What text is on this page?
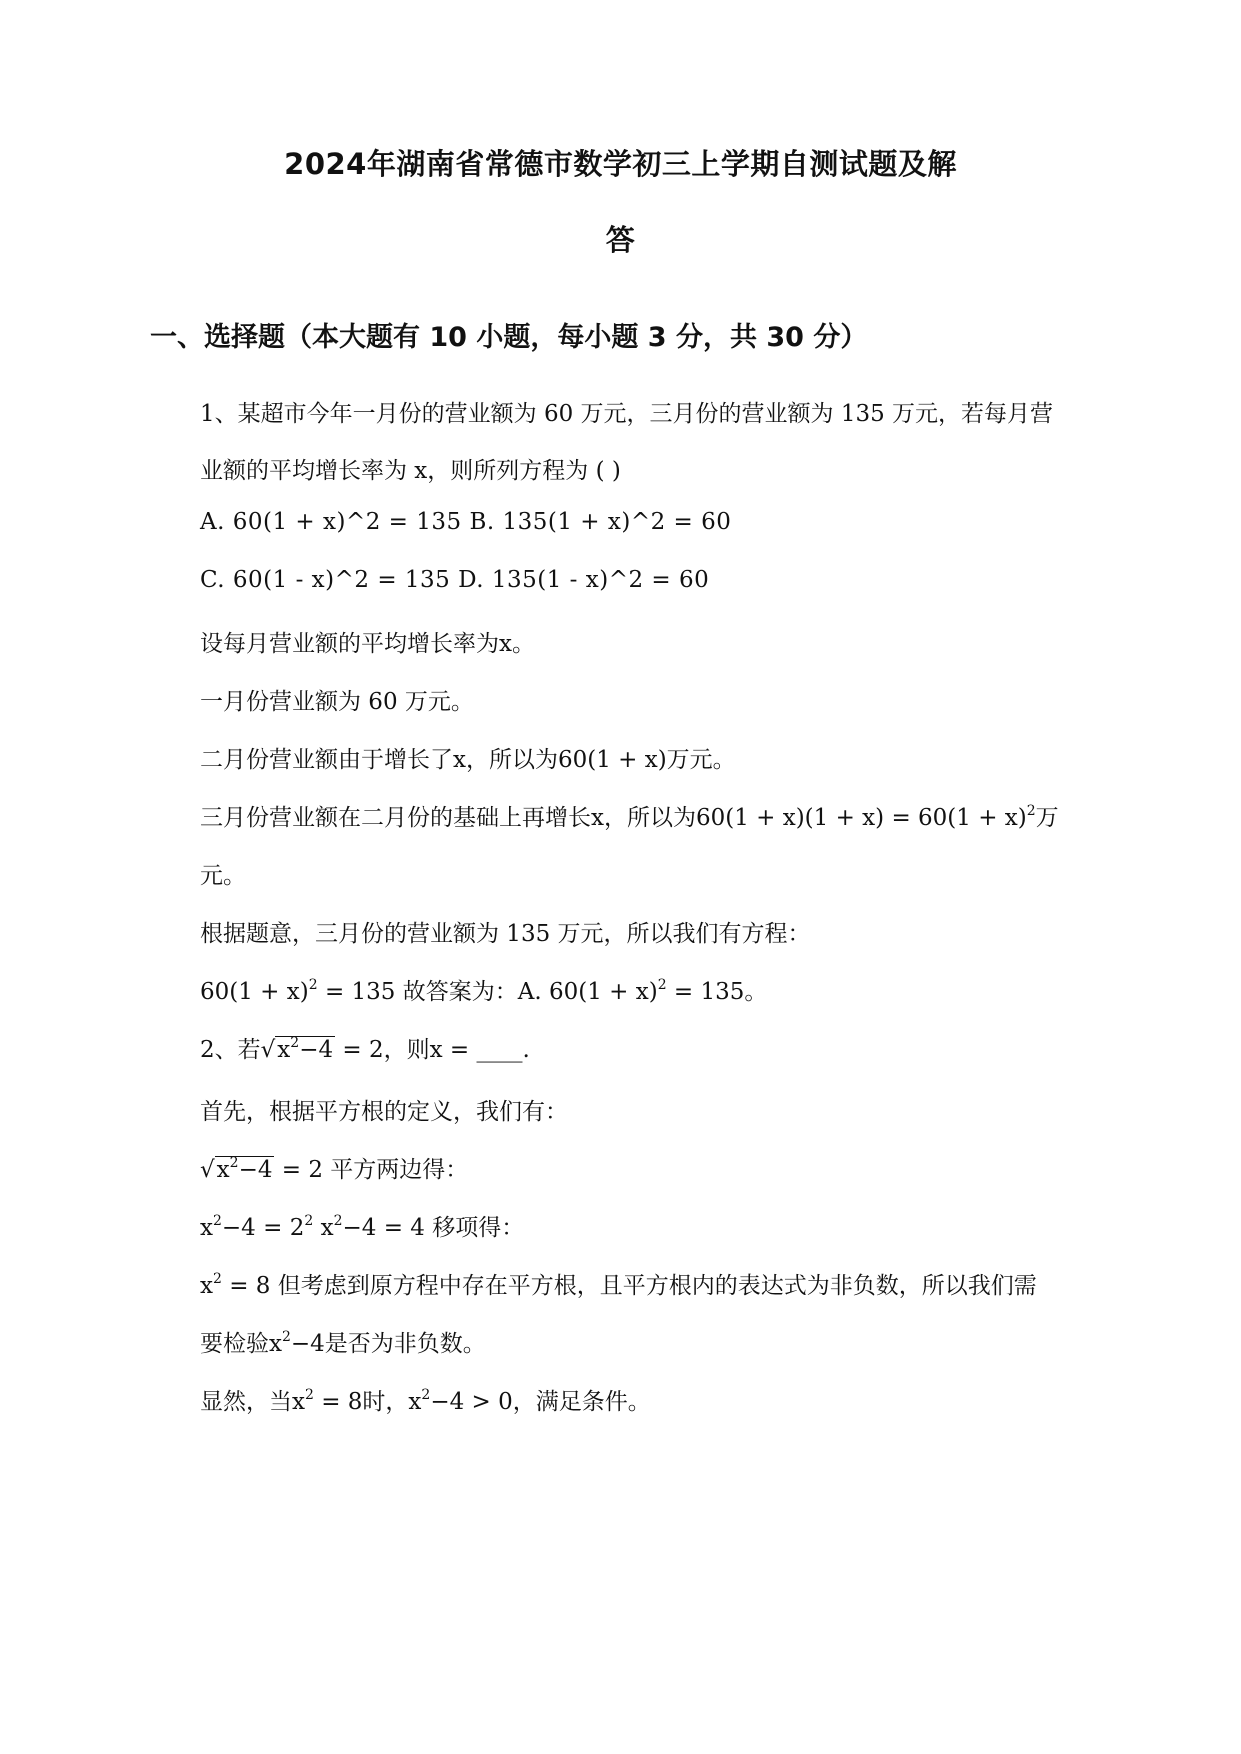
2024年湖南省常德市数学初三上学期自测试题及解
答
一、选择题（本大题有 10 小题，每小题 3 分，共 30 分）
1、某超市今年一月份的营业额为 60 万元，三月份的营业额为 135 万元，若每月营
业额的平均增长率为 x，则所列方程为 ( )
A. 60(1 + x)^2 = 135 B. 135(1 + x)^2 = 60
C. 60(1 - x)^2 = 135 D. 135(1 - x)^2 = 60
设每月营业额的平均增长率为x。
一月份营业额为 60 万元。
二月份营业额由于增长了x，所以为60(1 + x)万元。
三月份营业额在二月份的基础上再增长x，所以为$60(1 + x)(1 + x) = 60(1 + x)^2$万
元。
根据题意，三月份的营业额为 135 万元，所以我们有方程：
$60(1 + x)^2 = 135$ 故答案为：A. $60(1 + x)^2 = 135$。
2、若$√x^2-4 = 2$，则x = ____.
首先，根据平方根的定义，我们有：
$√x^2-4 = 2$ 平方两边得：
$x^2-4 = 2^2$ $x^2-4 = 4$ 移项得：
$x^2 = 8$ 但考虑到原方程中存在平方根，且平方根内的表达式为非负数，所以我们需
要检验$x^2-4$是否为非负数。
显然，当$x^2 = 8$时，$x^2-4 > 0$，满足条件。
